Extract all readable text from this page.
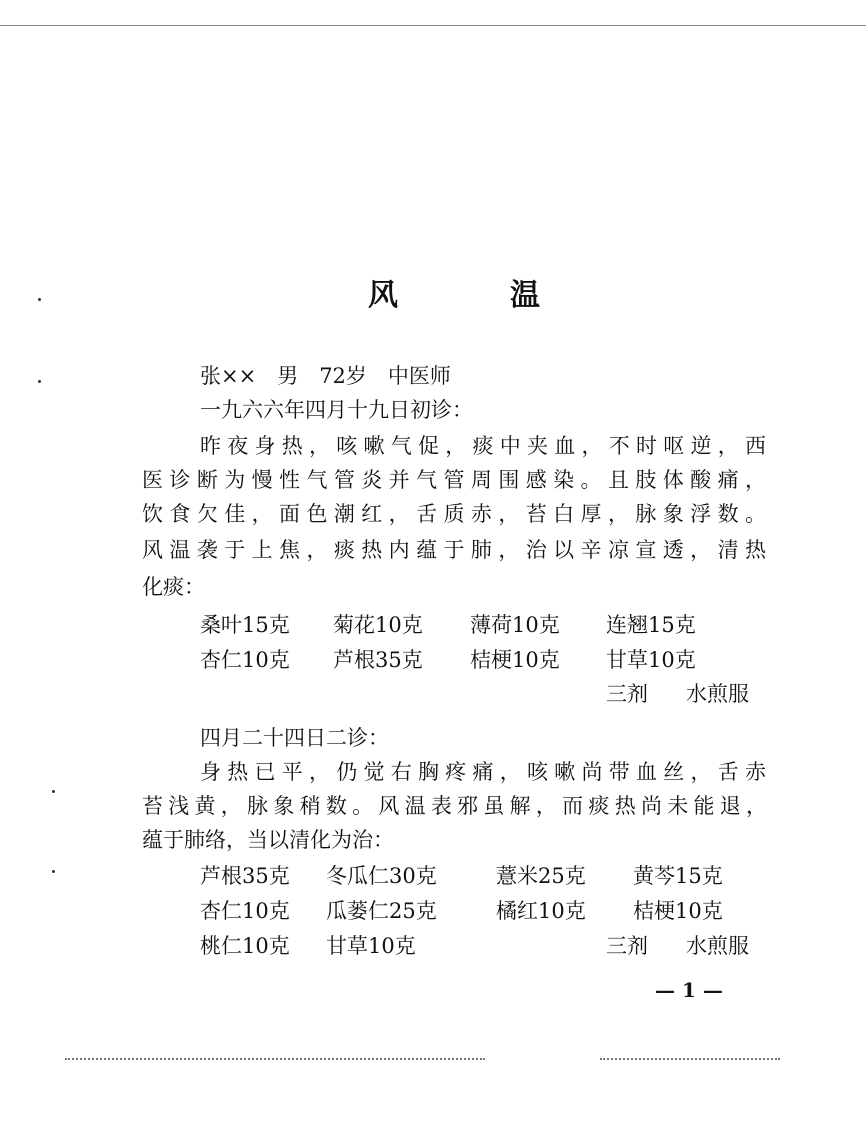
风	温
张××　男　72岁　中医师
一九六六年四月十九日初诊：
昨夜身热，咳嗽气促，痰中夹血，不时呕逆，西
医诊断为慢性气管炎并气管周围感染。且肢体酸痛，
饮食欠佳，面色潮红，舌质赤，苔白厚，脉象浮数。
风温袭于上焦，痰热内蕴于肺，治以辛凉宣透，清热
化痰：
桑叶15克 菊花10克 薄荷10克 连翘15克
杏仁10克 芦根35克 桔梗10克 甘草10克
三剂 水煎服
四月二十四日二诊：
身热已平，仍觉右胸疼痛，咳嗽尚带血丝，舌赤
苔浅黄，脉象稍数。风温表邪虽解，而痰热尚未能退，
蕴于肺络，当以清化为治：
芦根35克 冬瓜仁30克	薏米25克 黄芩15克
杏仁10克 瓜蒌仁25克	橘红10克 桔梗10克
桃仁10克 甘草10克	三剂 水煎服
— 1 —
